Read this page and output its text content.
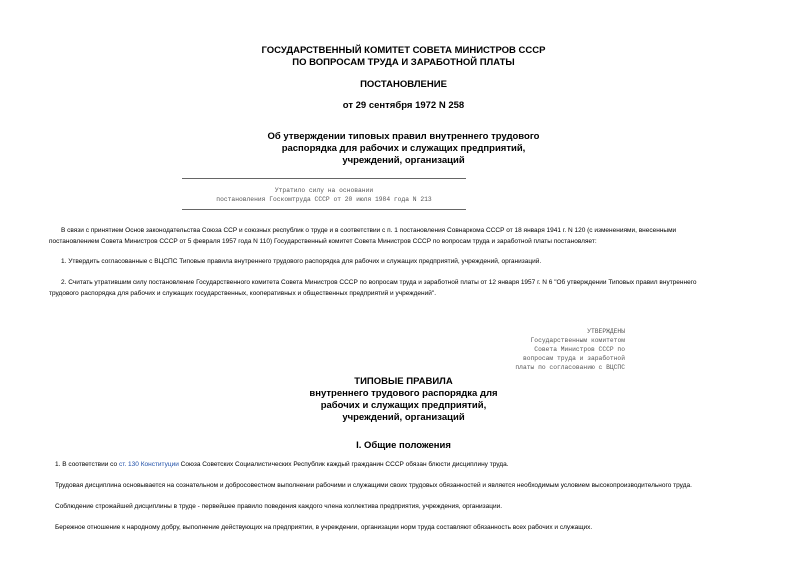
ГОСУДАРСТВЕННЫЙ КОМИТЕТ СОВЕТА МИНИСТРОВ СССР
ПО ВОПРОСАМ ТРУДА И ЗАРАБОТНОЙ ПЛАТЫ
ПОСТАНОВЛЕНИЕ
от 29 сентября 1972 N 258
Об утверждении типовых правил внутреннего трудового
распорядка для рабочих и служащих предприятий,
учреждений, организаций
Утратило силу на основании
постановления Госкомтруда СССР от 20 июля 1984 года N 213
В связи с принятием Основ законодательства Союза ССР и союзных республик о труде и в соответствии с п. 1 постановления Совнаркома СССР от 18 января 1941 г. N 120 (с изменениями, внесенными
постановлением Совета Министров СССР от 5 февраля 1957 года N 110) Государственный комитет Совета Министров СССР по вопросам труда и заработной платы постановляет:
1. Утвердить согласованные с ВЦСПС Типовые правила внутреннего трудового распорядка для рабочих и служащих предприятий, учреждений, организаций.
2. Считать утратившим силу постановление Государственного комитета Совета Министров СССР по вопросам труда и заработной платы от 12 января 1957 г. N 6 "Об утверждении Типовых правил внутреннего
трудового распорядка для рабочих и служащих государственных, кооперативных и общественных предприятий и учреждений".
УТВЕРЖДЕНЫ
Государственным комитетом
Совета Министров СССР по
вопросам труда и заработной
платы по согласованию с ВЦСПС
ТИПОВЫЕ ПРАВИЛА
внутреннего трудового распорядка для
рабочих и служащих предприятий,
учреждений, организаций
I. Общие положения
1. В соответствии со ст. 130 Конституции Союза Советских Социалистических Республик каждый гражданин СССР обязан блюсти дисциплину труда.
Трудовая дисциплина основывается на сознательном и добросовестном выполнении рабочими и служащими своих трудовых обязанностей и является необходимым условием высокопроизводительного труда.
Соблюдение строжайшей дисциплины в труде - первейшее правило поведения каждого члена коллектива предприятия, учреждения, организации.
Бережное отношение к народному добру, выполнение действующих на предприятии, в учреждении, организации норм труда составляют обязанность всех рабочих и служащих.
